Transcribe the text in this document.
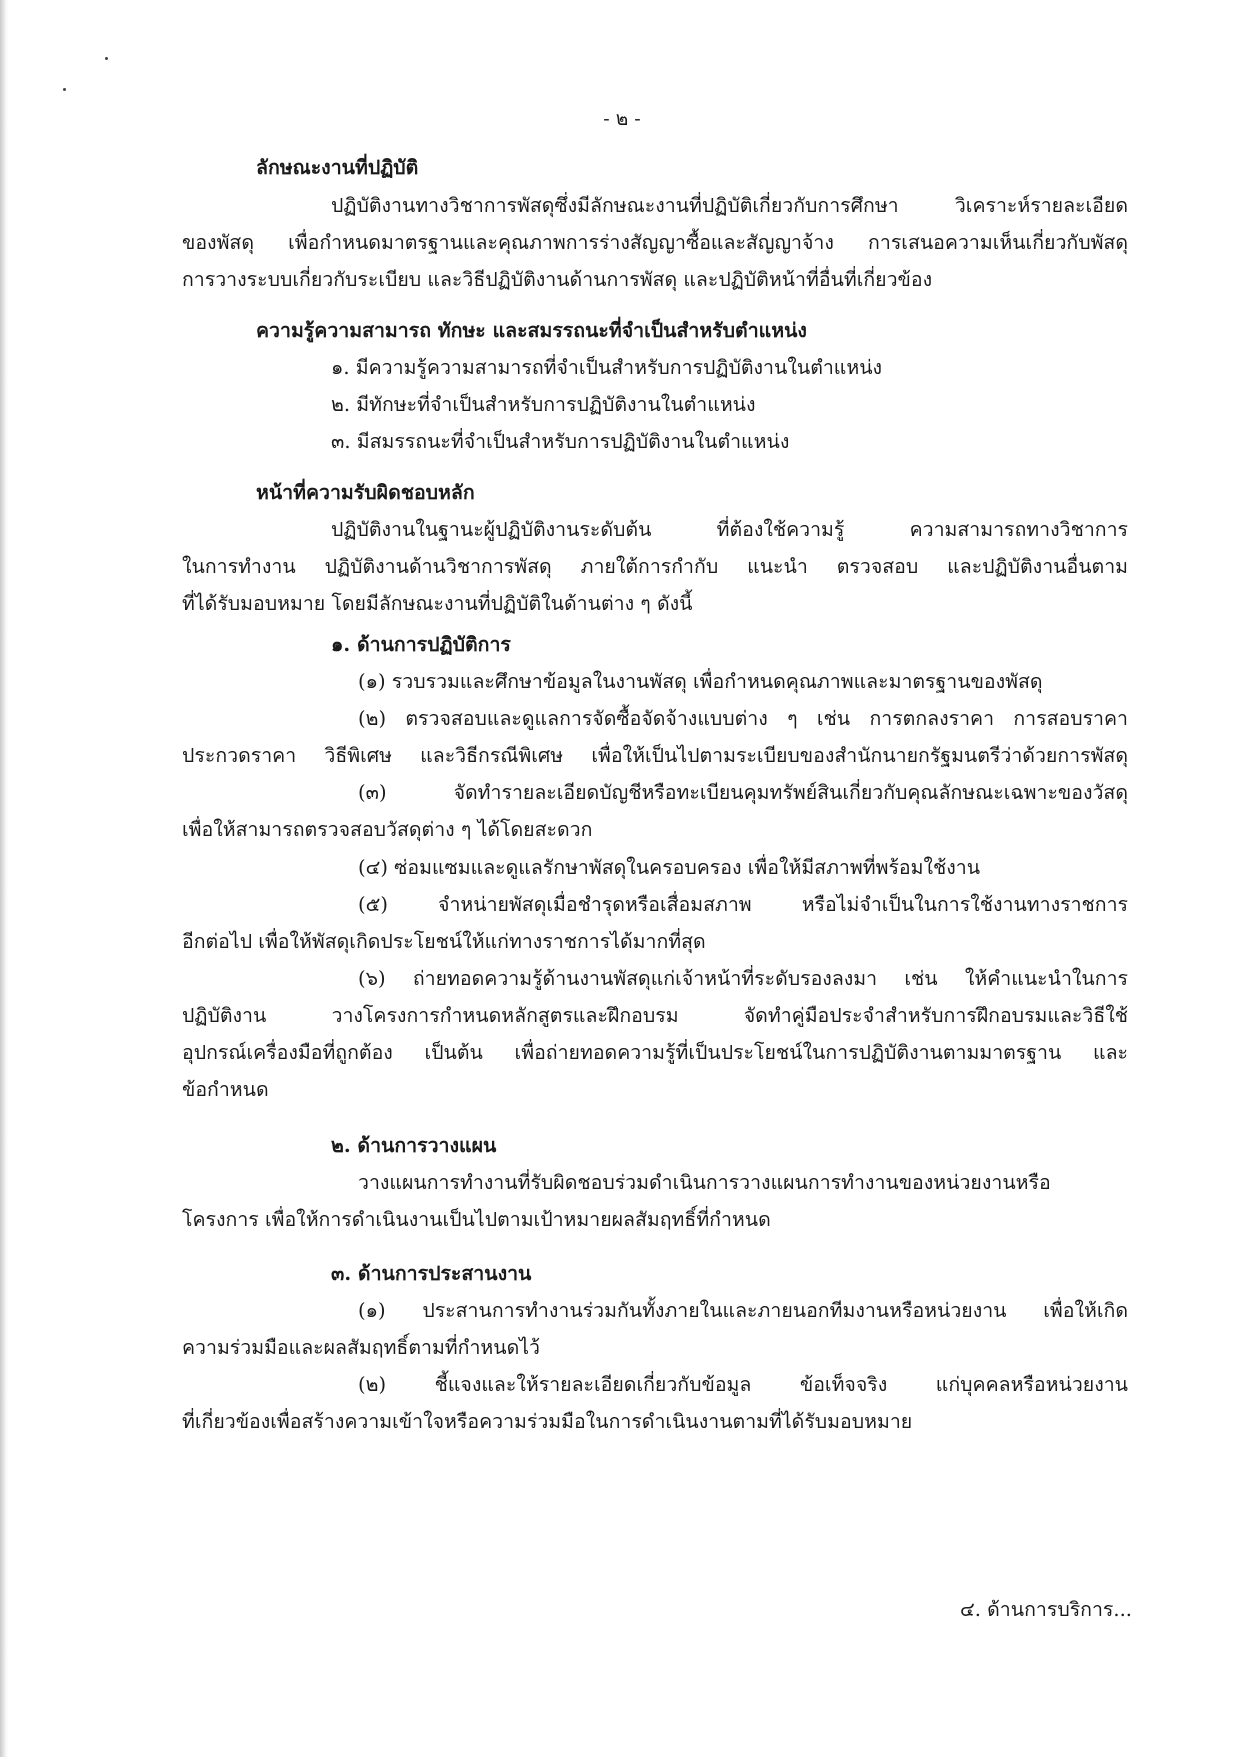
- ๒ -
ลักษณะงานที่ปฏิบัติ
ปฏิบัติงานทางวิชาการพัสดุซึ่งมีลักษณะงานที่ปฏิบัติเกี่ยวกับการศึกษา วิเคราะห์รายละเอียด
ของพัสดุ เพื่อกำหนดมาตรฐานและคุณภาพการร่างสัญญาซื้อและสัญญาจ้าง การเสนอความเห็นเกี่ยวกับพัสดุ
การวางระบบเกี่ยวกับระเบียบ และวิธีปฏิบัติงานด้านการพัสดุ และปฏิบัติหน้าที่อื่นที่เกี่ยวข้อง
ความรู้ความสามารถ ทักษะ และสมรรถนะที่จำเป็นสำหรับตำแหน่ง
๑. มีความรู้ความสามารถที่จำเป็นสำหรับการปฏิบัติงานในตำแหน่ง
๒. มีทักษะที่จำเป็นสำหรับการปฏิบัติงานในตำแหน่ง
๓. มีสมรรถนะที่จำเป็นสำหรับการปฏิบัติงานในตำแหน่ง
หน้าที่ความรับผิดชอบหลัก
ปฏิบัติงานในฐานะผู้ปฏิบัติงานระดับต้น ที่ต้องใช้ความรู้ ความสามารถทางวิชาการ
ในการทำงาน ปฏิบัติงานด้านวิชาการพัสดุ ภายใต้การกำกับ แนะนำ ตรวจสอบ และปฏิบัติงานอื่นตาม
ที่ได้รับมอบหมาย โดยมีลักษณะงานที่ปฏิบัติในด้านต่าง ๆ ดังนี้
๑. ด้านการปฏิบัติการ
(๑) รวบรวมและศึกษาข้อมูลในงานพัสดุ เพื่อกำหนดคุณภาพและมาตรฐานของพัสดุ
(๒) ตรวจสอบและดูแลการจัดซื้อจัดจ้างแบบต่าง ๆ เช่น การตกลงราคา การสอบราคา
ประกวดราคา วิธีพิเศษ และวิธีกรณีพิเศษ เพื่อให้เป็นไปตามระเบียบของสำนักนายกรัฐมนตรีว่าด้วยการพัสดุ
(๓) จัดทำรายละเอียดบัญชีหรือทะเบียนคุมทรัพย์สินเกี่ยวกับคุณลักษณะเฉพาะของวัสดุ
เพื่อให้สามารถตรวจสอบวัสดุต่าง ๆ ได้โดยสะดวก
(๔) ซ่อมแซมและดูแลรักษาพัสดุในครอบครอง เพื่อให้มีสภาพที่พร้อมใช้งาน
(๕) จำหน่ายพัสดุเมื่อชำรุดหรือเสื่อมสภาพ หรือไม่จำเป็นในการใช้งานทางราชการ
อีกต่อไป เพื่อให้พัสดุเกิดประโยชน์ให้แก่ทางราชการได้มากที่สุด
(๖) ถ่ายทอดความรู้ด้านงานพัสดุแก่เจ้าหน้าที่ระดับรองลงมา เช่น ให้คำแนะนำในการ
ปฏิบัติงาน วางโครงการกำหนดหลักสูตรและฝึกอบรม จัดทำคู่มือประจำสำหรับการฝึกอบรมและวิธีใช้
อุปกรณ์เครื่องมือที่ถูกต้อง เป็นต้น เพื่อถ่ายทอดความรู้ที่เป็นประโยชน์ในการปฏิบัติงานตามมาตรฐาน และ
ข้อกำหนด
๒. ด้านการวางแผน
วางแผนการทำงานที่รับผิดชอบร่วมดำเนินการวางแผนการทำงานของหน่วยงานหรือ
โครงการ เพื่อให้การดำเนินงานเป็นไปตามเป้าหมายผลสัมฤทธิ์ที่กำหนด
๓. ด้านการประสานงาน
(๑) ประสานการทำงานร่วมกันทั้งภายในและภายนอกทีมงานหรือหน่วยงาน เพื่อให้เกิด
ความร่วมมือและผลสัมฤทธิ์ตามที่กำหนดไว้
(๒) ชี้แจงและให้รายละเอียดเกี่ยวกับข้อมูล ข้อเท็จจริง แก่บุคคลหรือหน่วยงาน
ที่เกี่ยวข้องเพื่อสร้างความเข้าใจหรือความร่วมมือในการดำเนินงานตามที่ได้รับมอบหมาย
๔. ด้านการบริการ...
